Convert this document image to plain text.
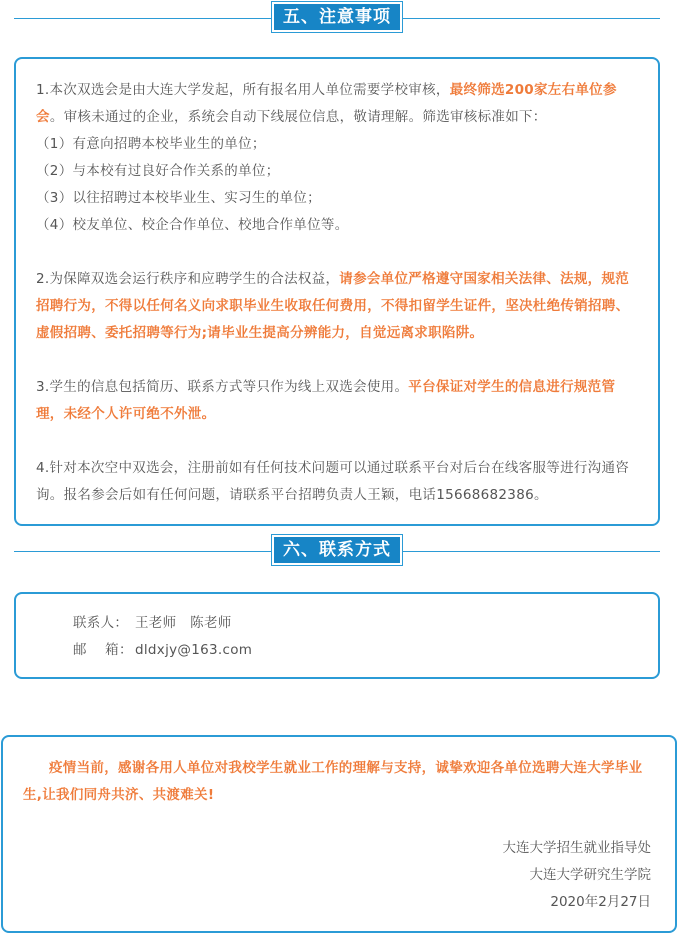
五、注意事项

1.本次双选会是由大连大学发起，所有报名用人单位需要学校审核，最终筛选200家左右单位参会。审核未通过的企业，系统会自动下线展位信息，敬请理解。筛选审核标准如下：

（1）有意向招聘本校毕业生的单位；

（2）与本校有过良好合作关系的单位；

（3）以往招聘过本校毕业生、实习生的单位；

（4）校友单位、校企合作单位、校地合作单位等。

2.为保障双选会运行秩序和应聘学生的合法权益，请参会单位严格遵守国家相关法律、法规，规范招聘行为，不得以任何名义向求职毕业生收取任何费用，不得扣留学生证件，坚决杜绝传销招聘、虚假招聘、委托招聘等行为;请毕业生提高分辨能力，自觉远离求职陷阱。

3.学生的信息包括简历、联系方式等只作为线上双选会使用。平台保证对学生的信息进行规范管理，未经个人许可绝不外泄。

4.针对本次空中双选会，注册前如有任何技术问题可以通过联系平台对后台在线客服等进行沟通咨询。报名参会后如有任何问题，请联系平台招聘负责人王颖，电话15668682386。

六、联系方式

联系人： 王老师   陈老师

邮    箱： dldxjy@163.com

疫情当前，感谢各用人单位对我校学生就业工作的理解与支持，诚挚欢迎各单位选聘大连大学毕业生,让我们同舟共济、共渡难关!

大连大学招生就业指导处

大连大学研究生学院

2020年2月27日
